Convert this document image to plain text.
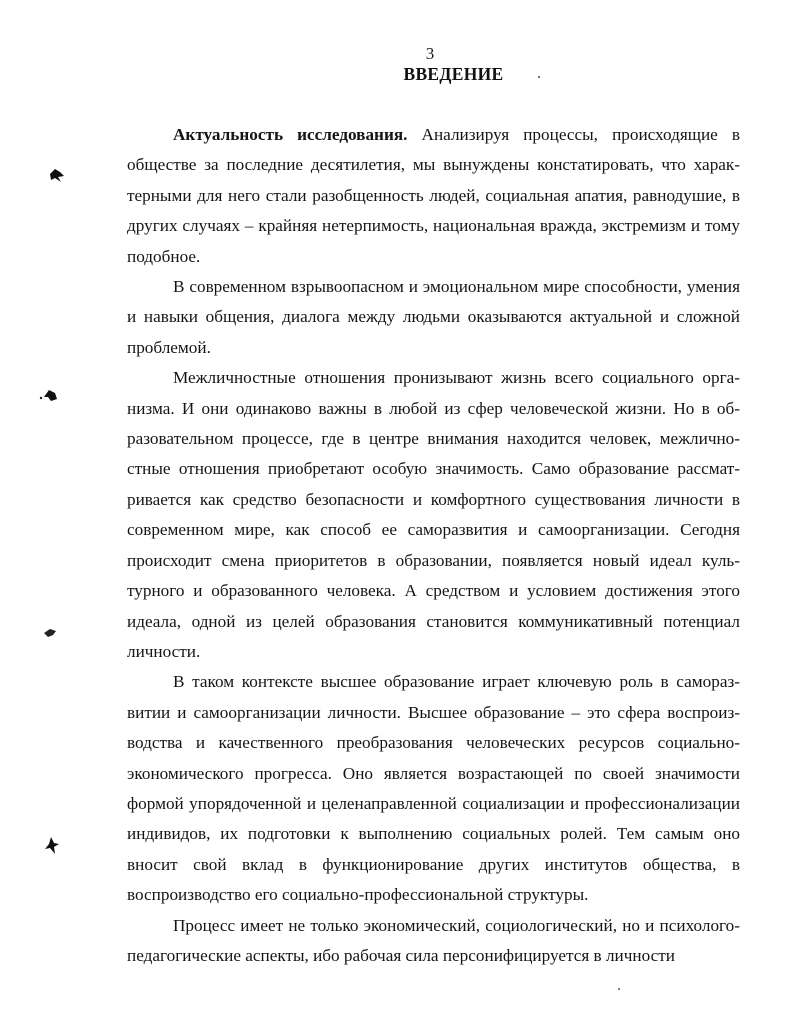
3
ВВЕДЕНИЕ

Актуальность исследования. Анализируя процессы, происходящие в обществе за последние десятилетия, мы вынуждены констатировать, что характерными для него стали разобщенность людей, социальная апатия, равнодушие, в других случаях – крайняя нетерпимость, национальная вражда, экстремизм и тому подобное.

В современном взрывоопасном и эмоциональном мире способности, умения и навыки общения, диалога между людьми оказываются актуальной и сложной проблемой.

Межличностные отношения пронизывают жизнь всего социального организма. И они одинаково важны в любой из сфер человеческой жизни. Но в образовательном процессе, где в центре внимания находится человек, межличностные отношения приобретают особую значимость. Само образование рассматривается как средство безопасности и комфортного существования личности в современном мире, как способ ее саморазвития и самоорганизации. Сегодня происходит смена приоритетов в образовании, появляется новый идеал культурного и образованного человека. А средством и условием достижения этого идеала, одной из целей образования становится коммуникативный потенциал личности.

В таком контексте высшее образование играет ключевую роль в саморазвитии и самоорганизации личности. Высшее образование – это сфера воспроизводства и качественного преобразования человеческих ресурсов социально-экономического прогресса. Оно является возрастающей по своей значимости формой упорядоченной и целенаправленной социализации и профессионализации индивидов, их подготовки к выполнению социальных ролей. Тем самым оно вносит свой вклад в функционирование других институтов общества, в воспроизводство его социально-профессиональной структуры.

Процесс имеет не только экономический, социологический, но и психолого-педагогические аспекты, ибо рабочая сила персонифицируется в личности
